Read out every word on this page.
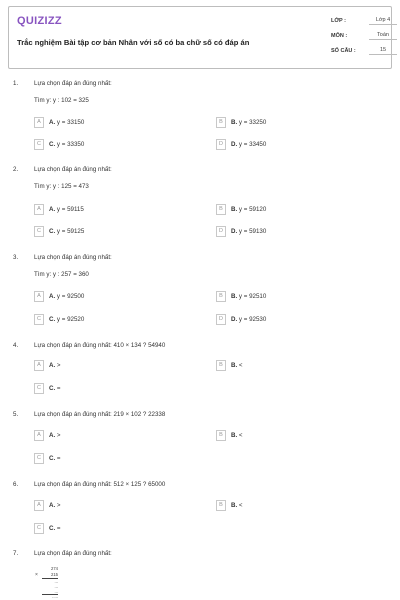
QUIZIZZ
Trắc nghiệm Bài tập cơ bản Nhân với số có ba chữ số có đáp án
LỚP :	Lớp 4
MÔN :	Toán
SỐ CÂU :	15
1.	Lựa chọn đáp án đúng nhất:
Tìm y: y : 102 = 325
A	A. y = 33150	B	B. y = 33250
C	C. y = 33350	D	D. y = 33450
2.	Lựa chọn đáp án đúng nhất:
Tìm y: y : 125 = 473
A	A. y = 59115	B	B. y = 59120
C	C. y = 59125	D	D. y = 59130
3.	Lựa chọn đáp án đúng nhất:
Tìm y: y : 257 = 360
A	A. y = 92500	B	B. y = 92510
C	C. y = 92520	D	D. y = 92530
4.	Lựa chọn đáp án đúng nhất: 410 × 134 ? 54940
A	A. >	B	B. <
C	C. =
5.	Lựa chọn đáp án đúng nhất: 219 × 102 ? 22338
A	A. >	B	B. <
C	C. =
6.	Lựa chọn đáp án đúng nhất: 512 × 125 ? 65000
A	A. >	B	B. <
C	C. =
7.	Lựa chọn đáp án đúng nhất:
×
274
215
...
...
...
.....
